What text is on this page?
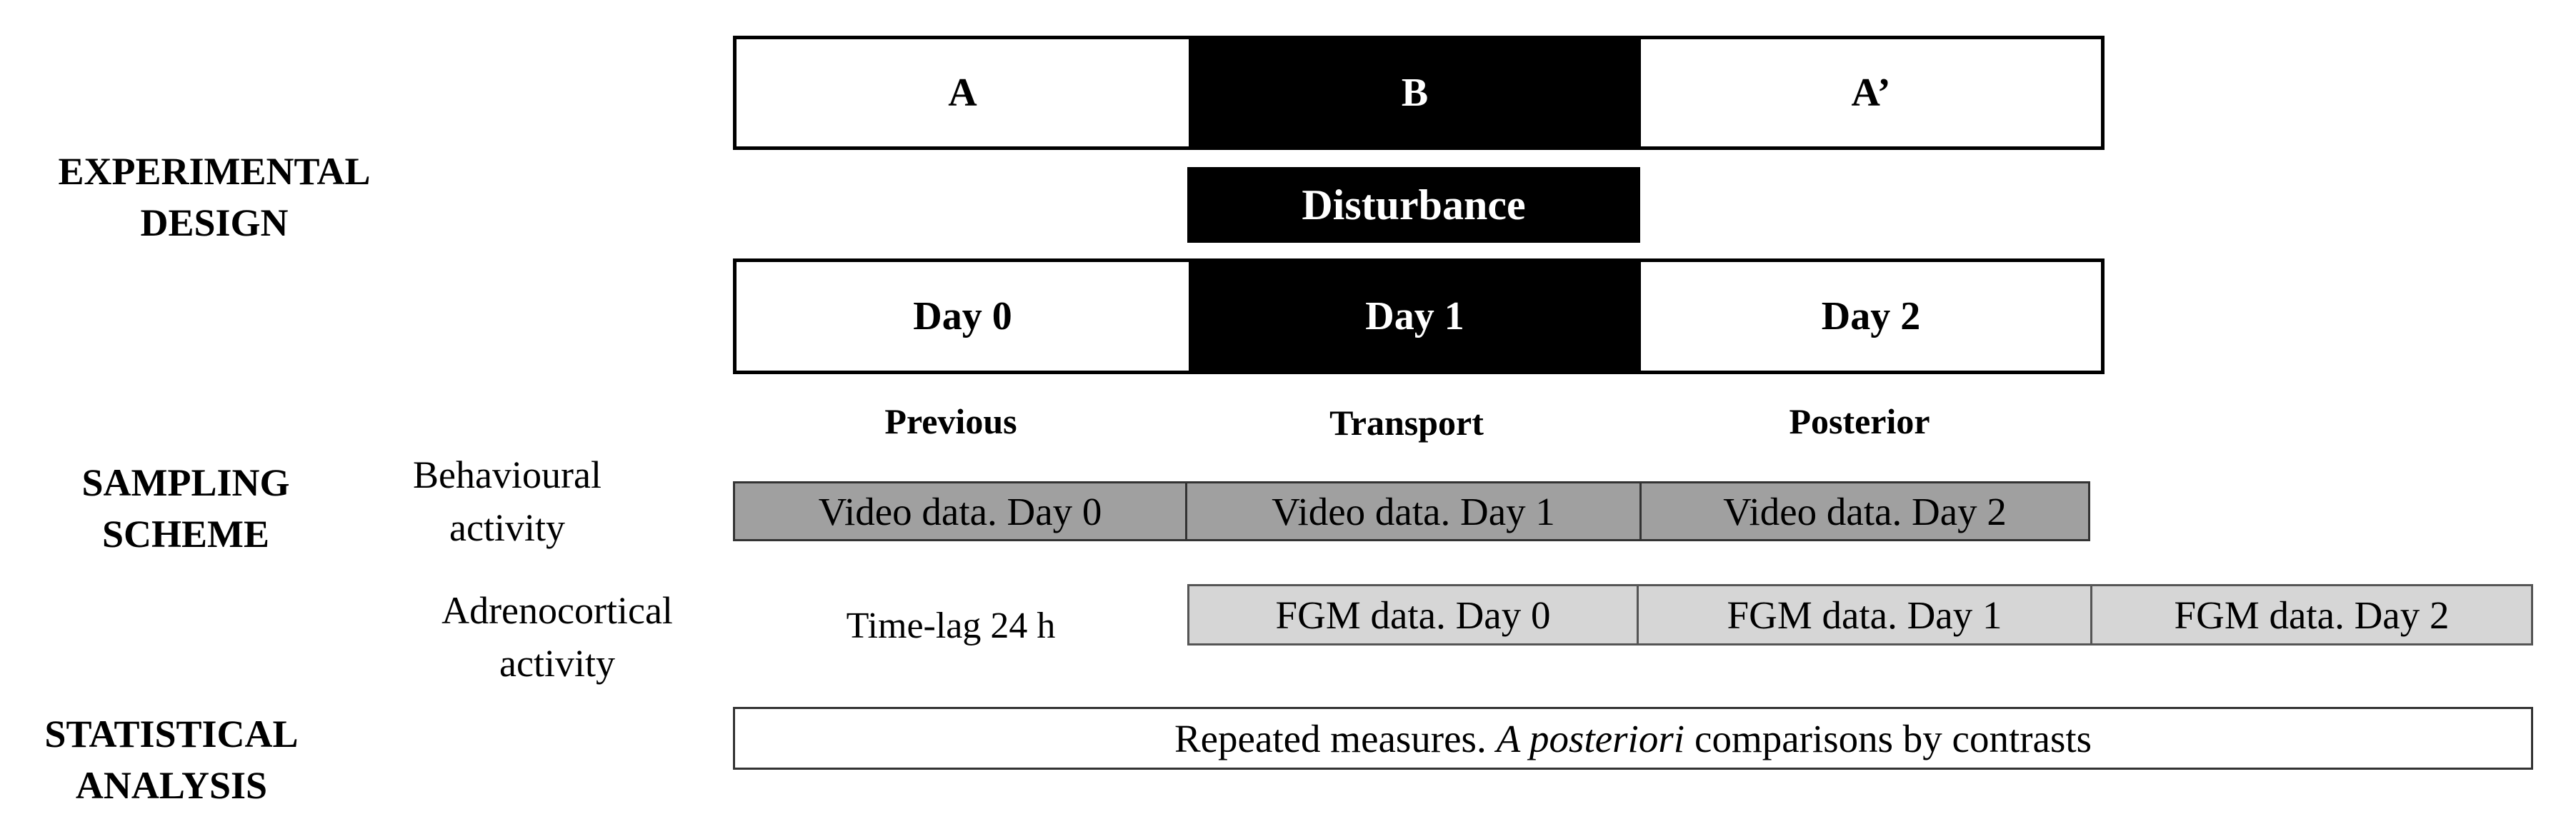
EXPERIMENTAL DESIGN
SAMPLING SCHEME
STATISTICAL ANALYSIS
Behavioural activity
Adrenocortical activity
A	B	A’
Disturbance
Day 0	Day 1	Day 2
Previous	Transport	Posterior
Video data. Day 0	Video data. Day 1	Video data. Day 2
Time-lag 24 h	FGM data. Day 0	FGM data. Day 1	FGM data. Day 2
Repeated measures. A posteriori comparisons by contrasts
